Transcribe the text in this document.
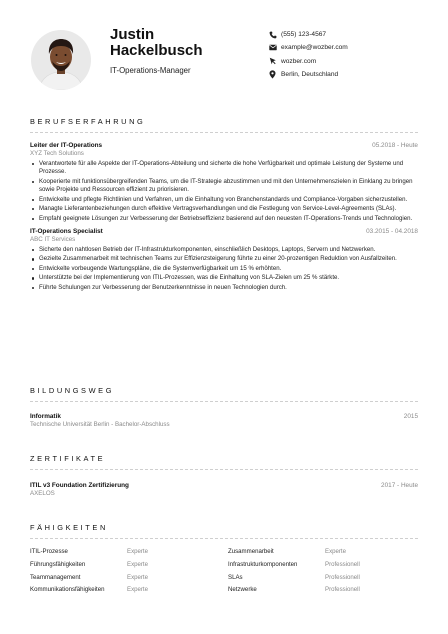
Justin
Hackelbusch
IT-Operations-Manager
(555) 123-4567
example@wozber.com
wozber.com
Berlin, Deutschland
BERUFSERFAHRUNG
Leiter der IT-Operations	05.2018 - Heute
XYZ Tech Solutions
Verantwortete für alle Aspekte der IT-Operations-Abteilung und sicherte die hohe Verfügbarkeit und optimale Leistung der Systeme und Prozesse.
Kooperierte mit funktionsübergreifenden Teams, um die IT-Strategie abzustimmen und mit den Unternehmenszielen in Einklang zu bringen sowie Projekte und Ressourcen effizient zu priorisieren.
Entwickelte und pflegte Richtlinien und Verfahren, um die Einhaltung von Branchenstandards und Compliance-Vorgaben sicherzustellen.
Managte Lieferantenbeziehungen durch effektive Vertragsverhandlungen und die Festlegung von Service-Level-Agreements (SLAs).
Empfahl geeignete Lösungen zur Verbesserung der Betriebseffizienz basierend auf den neuesten IT-Operations-Trends und Technologien.
IT-Operations Specialist	03.2015 - 04.2018
ABC IT Services
Sicherte den nahtlosen Betrieb der IT-Infrastrukturkomponenten, einschließlich Desktops, Laptops, Servern und Netzwerken.
Gezielte Zusammenarbeit mit technischen Teams zur Effizienzsteigerung führte zu einer 20-prozentigen Reduktion von Ausfallzeiten.
Entwickelte vorbeugende Wartungspläne, die die Systemverfügbarkeit um 15 % erhöhten.
Unterstützte bei der Implementierung von ITIL-Prozessen, was die Einhaltung von SLA-Zielen um 25 % stärkte.
Führte Schulungen zur Verbesserung der Benutzerkenntnisse in neuen Technologien durch.
BILDUNGSWEG
Informatik	2015
Technische Universität Berlin - Bachelor-Abschluss
ZERTIFIKATE
ITIL v3 Foundation Zertifizierung	2017 - Heute
AXELOS
FÄHIGKEITEN
ITIL-Prozesse	Experte	Zusammenarbeit	Experte
Führungsfähigkeiten	Experte	Infrastrukturkomponenten	Professionell
Teammanagement	Experte	SLAs	Professionell
Kommunikationsfähigkeiten	Experte	Netzwerke	Professionell
